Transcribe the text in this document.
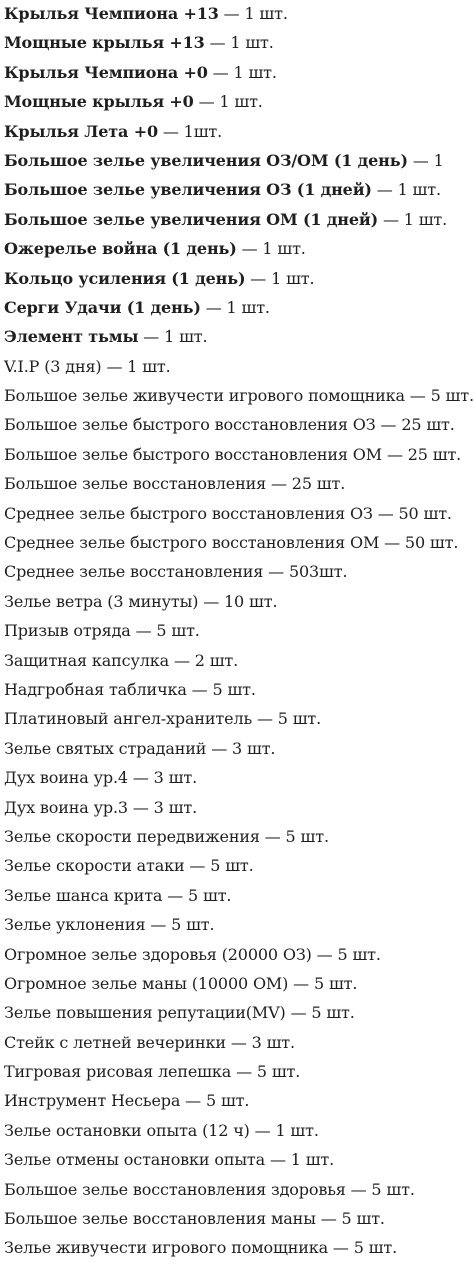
Крылья Чемпиона +13 — 1 шт.
Мощные крылья +13 — 1 шт.
Крылья Чемпиона +0 — 1 шт.
Мощные крылья +0 — 1 шт.
Крылья Лета +0 — 1шт.
Большое зелье увеличения ОЗ/ОМ (1 день) — 1
Большое зелье увеличения ОЗ (1 дней) — 1 шт.
Большое зелье увеличения ОМ (1 дней) — 1 шт.
Ожерелье война (1 день) — 1 шт.
Кольцо усиления (1 день) — 1 шт.
Серги Удачи (1 день) — 1 шт.
Элемент тьмы — 1 шт.
V.I.P (3 дня) — 1 шт.
Большое зелье живучести игрового помощника — 5 шт.
Большое зелье быстрого восстановления ОЗ — 25 шт.
Большое зелье быстрого восстановления ОМ — 25 шт.
Большое зелье восстановления — 25 шт.
Среднее зелье быстрого восстановления ОЗ — 50 шт.
Среднее зелье быстрого восстановления ОМ — 50 шт.
Среднее зелье восстановления — 503шт.
Зелье ветра (3 минуты) — 10 шт.
Призыв отряда — 5 шт.
Защитная капсулка — 2 шт.
Надгробная табличка — 5 шт.
Платиновый ангел-хранитель — 5 шт.
Зелье святых страданий — 3 шт.
Дух воина ур.4 — 3 шт.
Дух воина ур.3 — 3 шт.
Зелье скорости передвижения — 5 шт.
Зелье скорости атаки — 5 шт.
Зелье шанса крита — 5 шт.
Зелье уклонения — 5 шт.
Огромное зелье здоровья (20000 ОЗ) — 5 шт.
Огромное зелье маны (10000 ОМ) — 5 шт.
Зелье повышения репутации(MV) — 5 шт.
Стейк с летней вечеринки — 3 шт.
Тигровая рисовая лепешка — 5 шт.
Инструмент Несьера — 5 шт.
Зелье остановки опыта (12 ч) — 1 шт.
Зелье отмены остановки опыта — 1 шт.
Большое зелье восстановления здоровья — 5 шт.
Большое зелье восстановления маны — 5 шт.
Зелье живучести игрового помощника — 5 шт.
